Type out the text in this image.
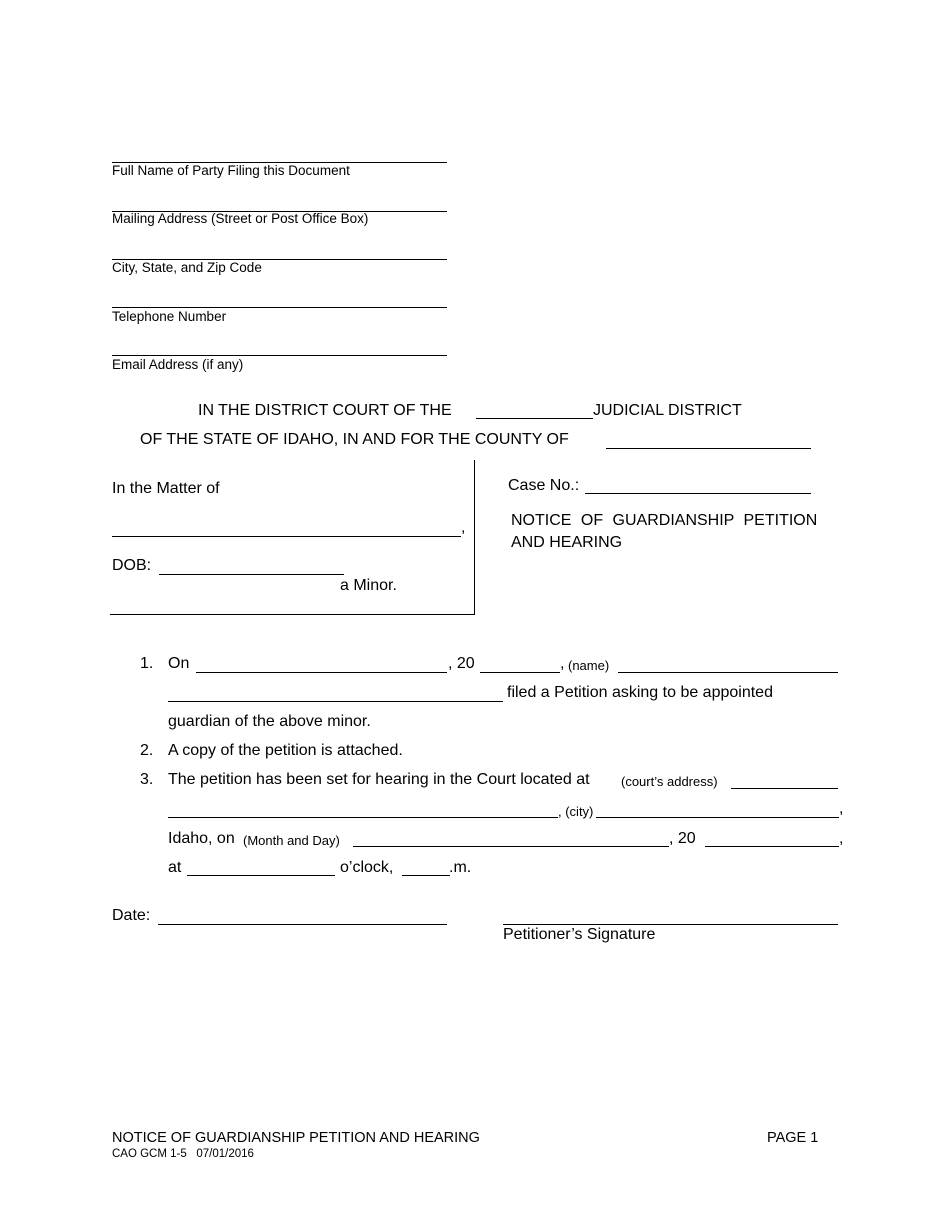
Full Name of Party Filing this Document
Mailing Address (Street or Post Office Box)
City, State, and Zip Code
Telephone Number
Email Address (if any)
IN THE DISTRICT COURT OF THE	JUDICIAL DISTRICT
OF THE STATE OF IDAHO, IN AND FOR THE COUNTY OF
In the Matter of
,
DOB:
a Minor.
Case No.:
NOTICE OF GUARDIANSHIP PETITION
AND HEARING
1. On	, 20	, (name)
filed a Petition asking to be appointed
guardian of the above minor.
2. A copy of the petition is attached.
3. The petition has been set for hearing in the Court located at (court’s address)
, (city)	,
Idaho, on (Month and Day)	, 20	,
at	o’clock,	.m.
Date:
Petitioner’s Signature
NOTICE OF GUARDIANSHIP PETITION AND HEARING	PAGE 1
CAO GCM 1-5   07/01/2016
